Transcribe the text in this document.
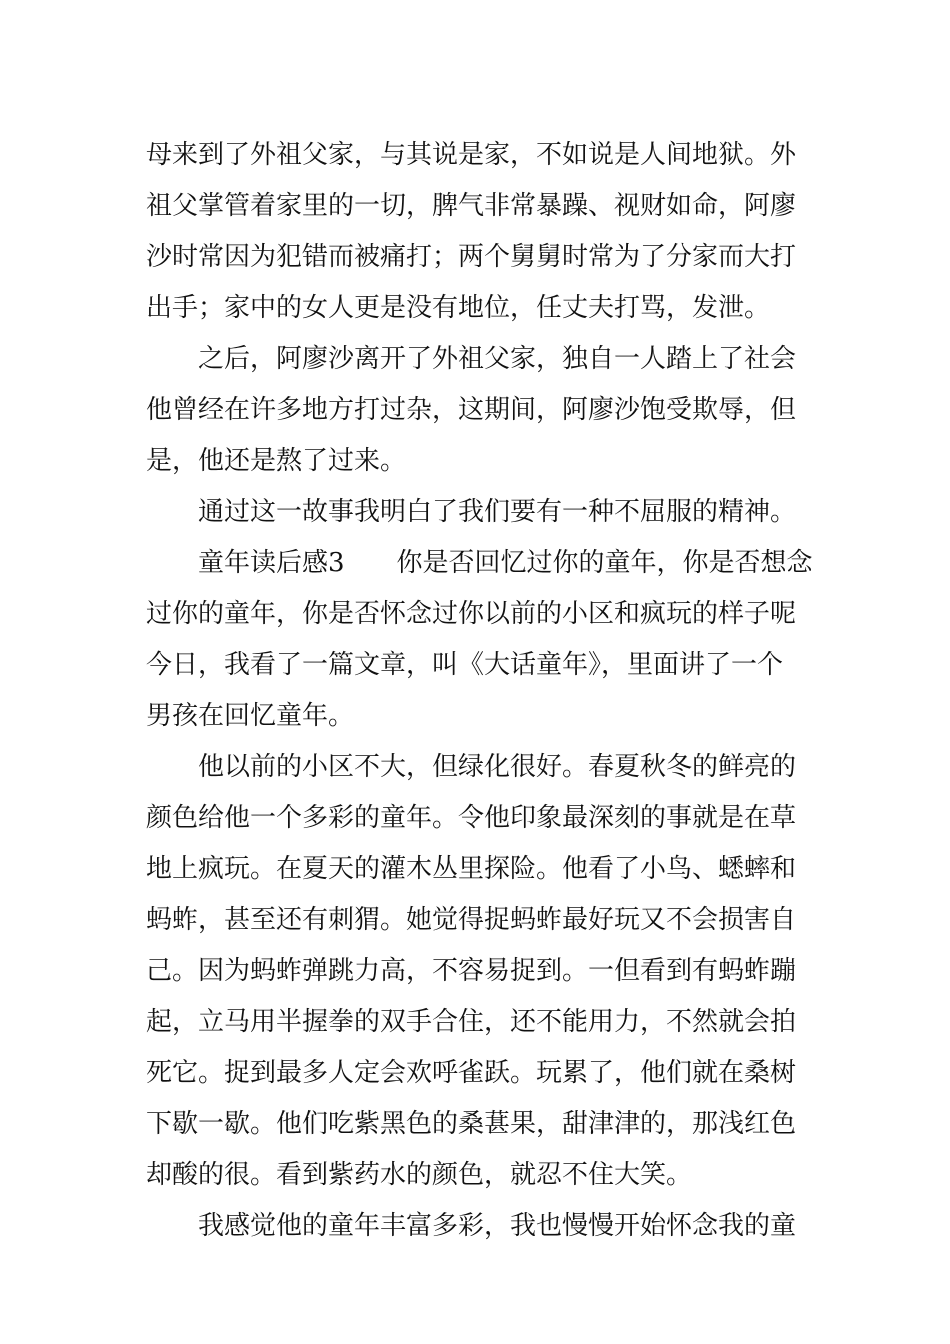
母来到了外祖父家，与其说是家，不如说是人间地狱。外
祖父掌管着家里的一切，脾气非常暴躁、视财如命，阿廖
沙时常因为犯错而被痛打；两个舅舅时常为了分家而大打
出手；家中的女人更是没有地位，任丈夫打骂，发泄。
　　之后，阿廖沙离开了外祖父家，独自一人踏上了社会
他曾经在许多地方打过杂，这期间，阿廖沙饱受欺辱，但
是，他还是熬了过来。
　　通过这一故事我明白了我们要有一种不屈服的精神。
　　童年读后感3　　你是否回忆过你的童年，你是否想念
过你的童年，你是否怀念过你以前的小区和疯玩的样子呢
今日，我看了一篇文章，叫《大话童年》，里面讲了一个
男孩在回忆童年。
　　他以前的小区不大，但绿化很好。春夏秋冬的鲜亮的
颜色给他一个多彩的童年。令他印象最深刻的事就是在草
地上疯玩。在夏天的灌木丛里探险。他看了小鸟、蟋蟀和
蚂蚱，甚至还有刺猬。她觉得捉蚂蚱最好玩又不会损害自
己。因为蚂蚱弹跳力高，不容易捉到。一但看到有蚂蚱蹦
起，立马用半握拳的双手合住，还不能用力，不然就会拍
死它。捉到最多人定会欢呼雀跃。玩累了，他们就在桑树
下歇一歇。他们吃紫黑色的桑葚果，甜津津的，那浅红色
却酸的很。看到紫药水的颜色，就忍不住大笑。
　　我感觉他的童年丰富多彩，我也慢慢开始怀念我的童
